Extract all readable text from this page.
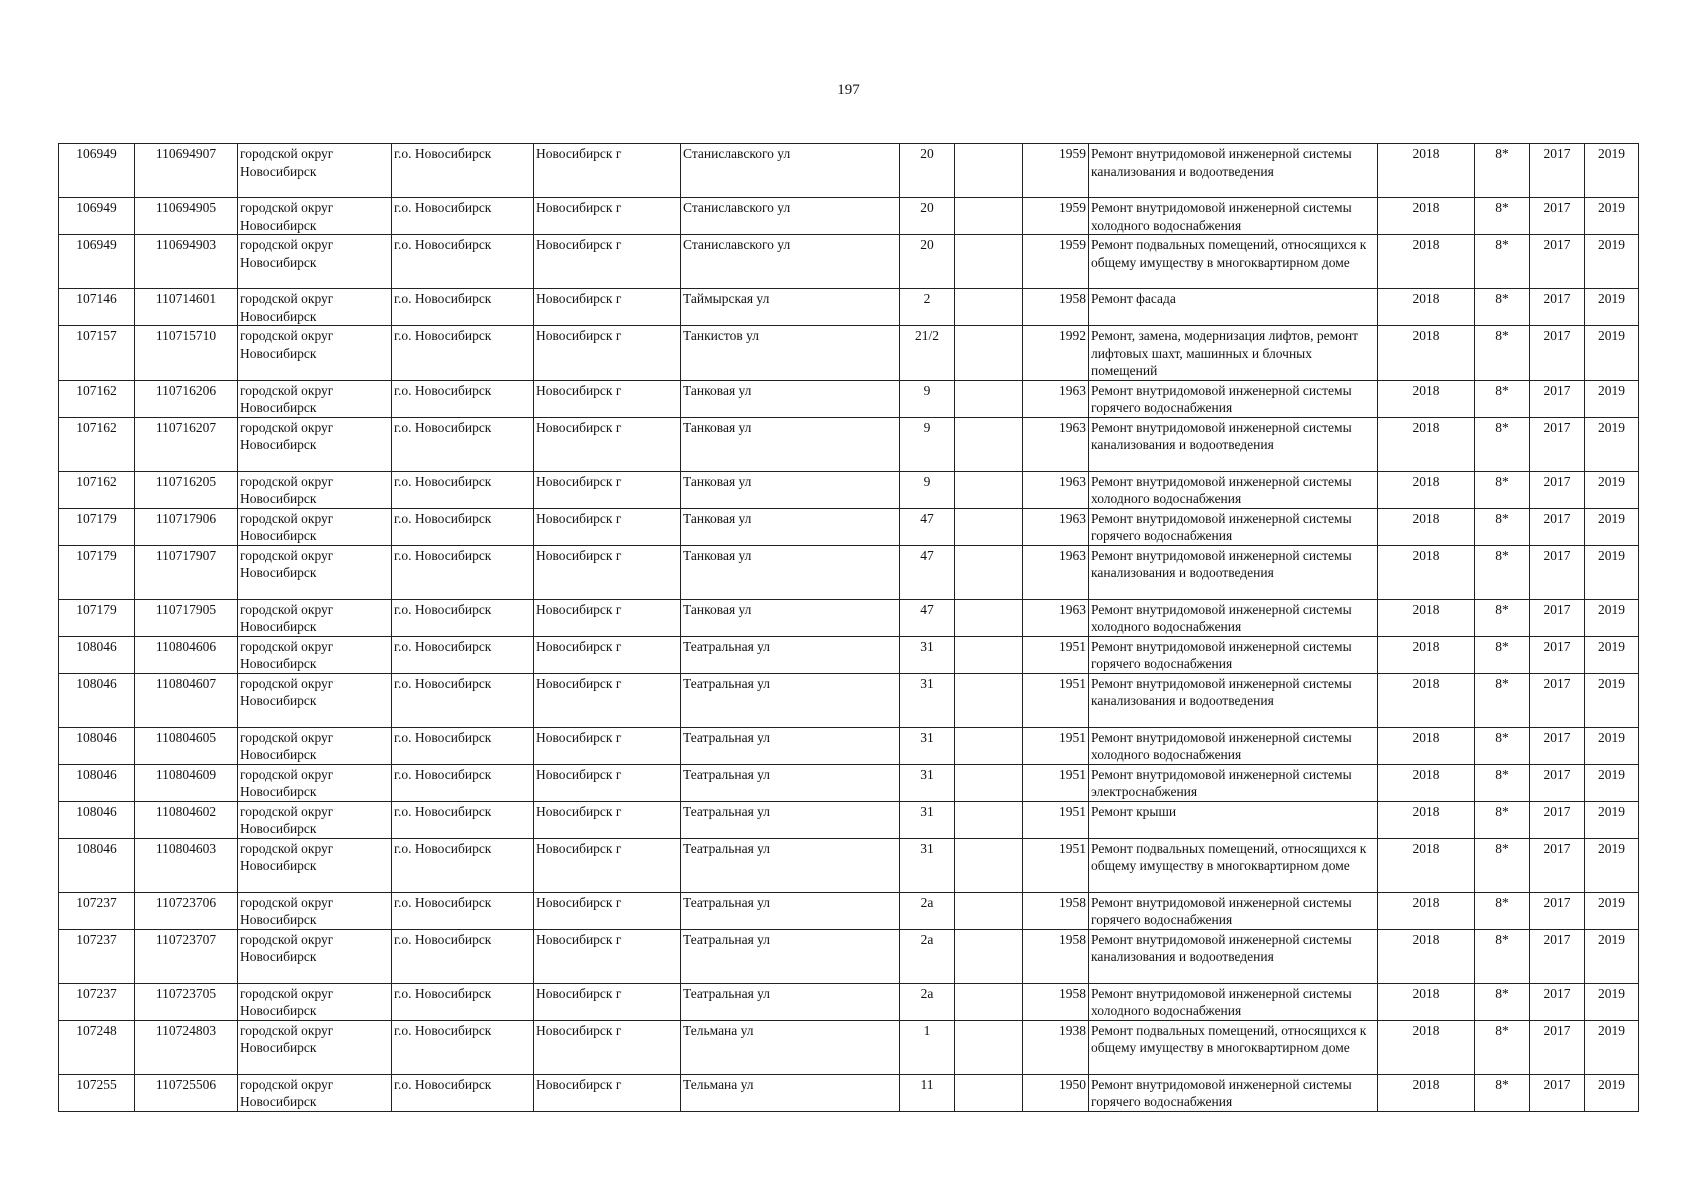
197
106949	110694907	городской округ Новосибирск	г.о. Новосибирск	Новосибирск г	Станиславского ул	20		1959	Ремонт внутридомовой инженерной системы канализования и водоотведения	2018	8*	2017	2019
106949	110694905	городской округ Новосибирск	г.о. Новосибирск	Новосибирск г	Станиславского ул	20		1959	Ремонт внутридомовой инженерной системы холодного водоснабжения	2018	8*	2017	2019
106949	110694903	городской округ Новосибирск	г.о. Новосибирск	Новосибирск г	Станиславского ул	20		1959	Ремонт подвальных помещений, относящихся к общему имуществу в многоквартирном доме	2018	8*	2017	2019
107146	110714601	городской округ Новосибирск	г.о. Новосибирск	Новосибирск г	Таймырская ул	2		1958	Ремонт фасада	2018	8*	2017	2019
107157	110715710	городской округ Новосибирск	г.о. Новосибирск	Новосибирск г	Танкистов ул	21/2		1992	Ремонт, замена, модернизация лифтов, ремонт лифтовых шахт, машинных и блочных помещений	2018	8*	2017	2019
107162	110716206	городской округ Новосибирск	г.о. Новосибирск	Новосибирск г	Танковая ул	9		1963	Ремонт внутридомовой инженерной системы горячего водоснабжения	2018	8*	2017	2019
107162	110716207	городской округ Новосибирск	г.о. Новосибирск	Новосибирск г	Танковая ул	9		1963	Ремонт внутридомовой инженерной системы канализования и водоотведения	2018	8*	2017	2019
107162	110716205	городской округ Новосибирск	г.о. Новосибирск	Новосибирск г	Танковая ул	9		1963	Ремонт внутридомовой инженерной системы холодного водоснабжения	2018	8*	2017	2019
107179	110717906	городской округ Новосибирск	г.о. Новосибирск	Новосибирск г	Танковая ул	47		1963	Ремонт внутридомовой инженерной системы горячего водоснабжения	2018	8*	2017	2019
107179	110717907	городской округ Новосибирск	г.о. Новосибирск	Новосибирск г	Танковая ул	47		1963	Ремонт внутридомовой инженерной системы канализования и водоотведения	2018	8*	2017	2019
107179	110717905	городской округ Новосибирск	г.о. Новосибирск	Новосибирск г	Танковая ул	47		1963	Ремонт внутридомовой инженерной системы холодного водоснабжения	2018	8*	2017	2019
108046	110804606	городской округ Новосибирск	г.о. Новосибирск	Новосибирск г	Театральная ул	31		1951	Ремонт внутридомовой инженерной системы горячего водоснабжения	2018	8*	2017	2019
108046	110804607	городской округ Новосибирск	г.о. Новосибирск	Новосибирск г	Театральная ул	31		1951	Ремонт внутридомовой инженерной системы канализования и водоотведения	2018	8*	2017	2019
108046	110804605	городской округ Новосибирск	г.о. Новосибирск	Новосибирск г	Театральная ул	31		1951	Ремонт внутридомовой инженерной системы холодного водоснабжения	2018	8*	2017	2019
108046	110804609	городской округ Новосибирск	г.о. Новосибирск	Новосибирск г	Театральная ул	31		1951	Ремонт внутридомовой инженерной системы электроснабжения	2018	8*	2017	2019
108046	110804602	городской округ Новосибирск	г.о. Новосибирск	Новосибирск г	Театральная ул	31		1951	Ремонт крыши	2018	8*	2017	2019
108046	110804603	городской округ Новосибирск	г.о. Новосибирск	Новосибирск г	Театральная ул	31		1951	Ремонт подвальных помещений, относящихся к общему имуществу в многоквартирном доме	2018	8*	2017	2019
107237	110723706	городской округ Новосибирск	г.о. Новосибирск	Новосибирск г	Театральная ул	2а		1958	Ремонт внутридомовой инженерной системы горячего водоснабжения	2018	8*	2017	2019
107237	110723707	городской округ Новосибирск	г.о. Новосибирск	Новосибирск г	Театральная ул	2а		1958	Ремонт внутридомовой инженерной системы канализования и водоотведения	2018	8*	2017	2019
107237	110723705	городской округ Новосибирск	г.о. Новосибирск	Новосибирск г	Театральная ул	2а		1958	Ремонт внутридомовой инженерной системы холодного водоснабжения	2018	8*	2017	2019
107248	110724803	городской округ Новосибирск	г.о. Новосибирск	Новосибирск г	Тельмана ул	1		1938	Ремонт подвальных помещений, относящихся к общему имуществу в многоквартирном доме	2018	8*	2017	2019
107255	110725506	городской округ Новосибирск	г.о. Новосибирск	Новосибирск г	Тельмана ул	11		1950	Ремонт внутридомовой инженерной системы горячего водоснабжения	2018	8*	2017	2019
